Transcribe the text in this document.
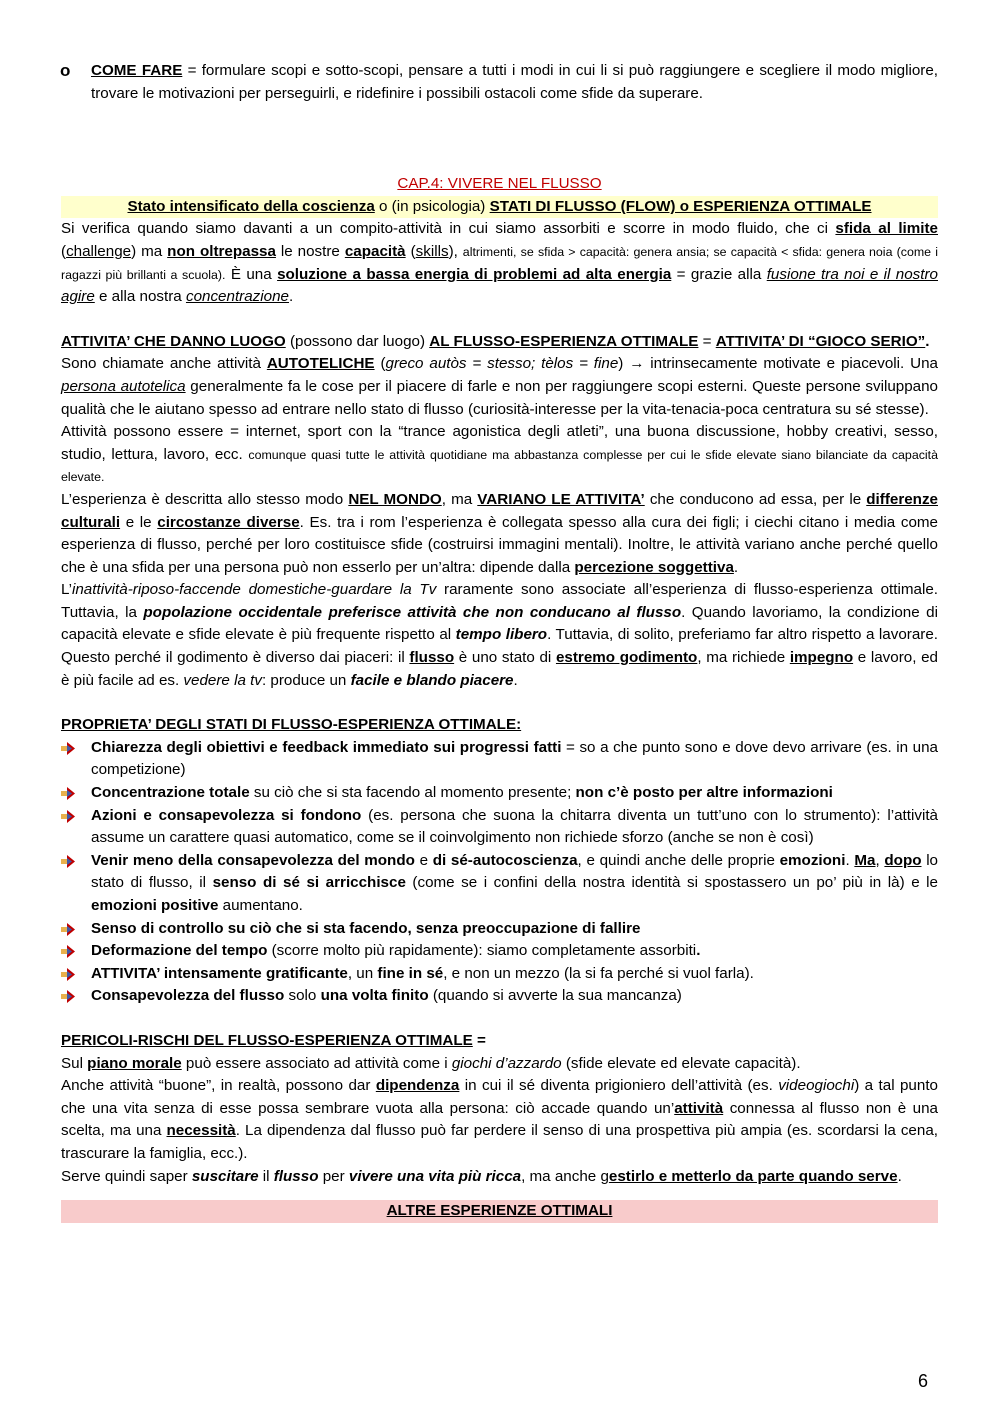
o COME FARE = formulare scopi e sotto-scopi, pensare a tutti i modi in cui li si può raggiungere e scegliere il modo migliore, trovare le motivazioni per perseguirli, e ridefinire i possibili ostacoli come sfide da superare.

CAP.4: VIVERE NEL FLUSSO

Stato intensificato della coscienza o (in psicologia) STATI DI FLUSSO (FLOW) o ESPERIENZA OTTIMALE

Si verifica quando siamo davanti a un compito-attività in cui siamo assorbiti e scorre in modo fluido, che ci sfida al limite (challenge) ma non oltrepassa le nostre capacità (skills), altrimenti, se sfida > capacità: genera ansia; se capacità < sfida: genera noia (come i ragazzi più brillanti a scuola). È una soluzione a bassa energia di problemi ad alta energia = grazie alla fusione tra noi e il nostro agire e alla nostra concentrazione.

ATTIVITA’ CHE DANNO LUOGO (possono dar luogo) AL FLUSSO-ESPERIENZA OTTIMALE = ATTIVITA’ DI “GIOCO SERIO”.

Sono chiamate anche attività AUTOTELICHE (greco autòs = stesso; tèlos = fine) → intrinsecamente motivate e piacevoli. Una persona autotelica generalmente fa le cose per il piacere di farle e non per raggiungere scopi esterni. Queste persone sviluppano qualità che le aiutano spesso ad entrare nello stato di flusso (curiosità-interesse per la vita-tenacia-poca centratura su sé stesse).

Attività possono essere = internet, sport con la “trance agonistica degli atleti”, una buona discussione, hobby creativi, sesso, studio, lettura, lavoro, ecc. comunque quasi tutte le attività quotidiane ma abbastanza complesse per cui le sfide elevate siano bilanciate da capacità elevate.

L’esperienza è descritta allo stesso modo NEL MONDO, ma VARIANO LE ATTIVITA’ che conducono ad essa, per le differenze culturali e le circostanze diverse. Es. tra i rom l’esperienza è collegata spesso alla cura dei figli; i ciechi citano i media come esperienza di flusso, perché per loro costituisce sfide (costruirsi immagini mentali). Inoltre, le attività variano anche perché quello che è una sfida per una persona può non esserlo per un’altra: dipende dalla percezione soggettiva.

L’inattività-riposo-faccende domestiche-guardare la Tv raramente sono associate all’esperienza di flusso-esperienza ottimale. Tuttavia, la popolazione occidentale preferisce attività che non conducano al flusso. Quando lavoriamo, la condizione di capacità elevate e sfide elevate è più frequente rispetto al tempo libero. Tuttavia, di solito, preferiamo far altro rispetto a lavorare. Questo perché il godimento è diverso dai piaceri: il flusso è uno stato di estremo godimento, ma richiede impegno e lavoro, ed è più facile ad es. vedere la tv: produce un facile e blando piacere.

PROPRIETA’ DEGLI STATI DI FLUSSO-ESPERIENZA OTTIMALE:

Chiarezza degli obiettivi e feedback immediato sui progressi fatti = so a che punto sono e dove devo arrivare (es. in una competizione)
Concentrazione totale su ciò che si sta facendo al momento presente; non c’è posto per altre informazioni
Azioni e consapevolezza si fondono (es. persona che suona la chitarra diventa un tutt’uno con lo strumento): l’attività assume un carattere quasi automatico, come se il coinvolgimento non richiede sforzo (anche se non è così)
Venir meno della consapevolezza del mondo e di sé-autocoscienza, e quindi anche delle proprie emozioni. Ma, dopo lo stato di flusso, il senso di sé si arricchisce (come se i confini della nostra identità si spostassero un po’ più in là) e le emozioni positive aumentano.
Senso di controllo su ciò che si sta facendo, senza preoccupazione di fallire
Deformazione del tempo (scorre molto più rapidamente): siamo completamente assorbiti.
ATTIVITA’ intensamente gratificante, un fine in sé, e non un mezzo (la si fa perché si vuol farla).
Consapevolezza del flusso solo una volta finito (quando si avverte la sua mancanza)

PERICOLI-RISCHI DEL FLUSSO-ESPERIENZA OTTIMALE =

Sul piano morale può essere associato ad attività come i giochi d’azzardo (sfide elevate ed elevate capacità).

Anche attività “buone”, in realtà, possono dar dipendenza in cui il sé diventa prigioniero dell’attività (es. videogiochi) a tal punto che una vita senza di esse possa sembrare vuota alla persona: ciò accade quando un’attività connessa al flusso non è una scelta, ma una necessità. La dipendenza dal flusso può far perdere il senso di una prospettiva più ampia (es. scordarsi la cena, trascurare la famiglia, ecc.).

Serve quindi saper suscitare il flusso per vivere una vita più ricca, ma anche gestirlo e metterlo da parte quando serve.

ALTRE ESPERIENZE OTTIMALI

6
